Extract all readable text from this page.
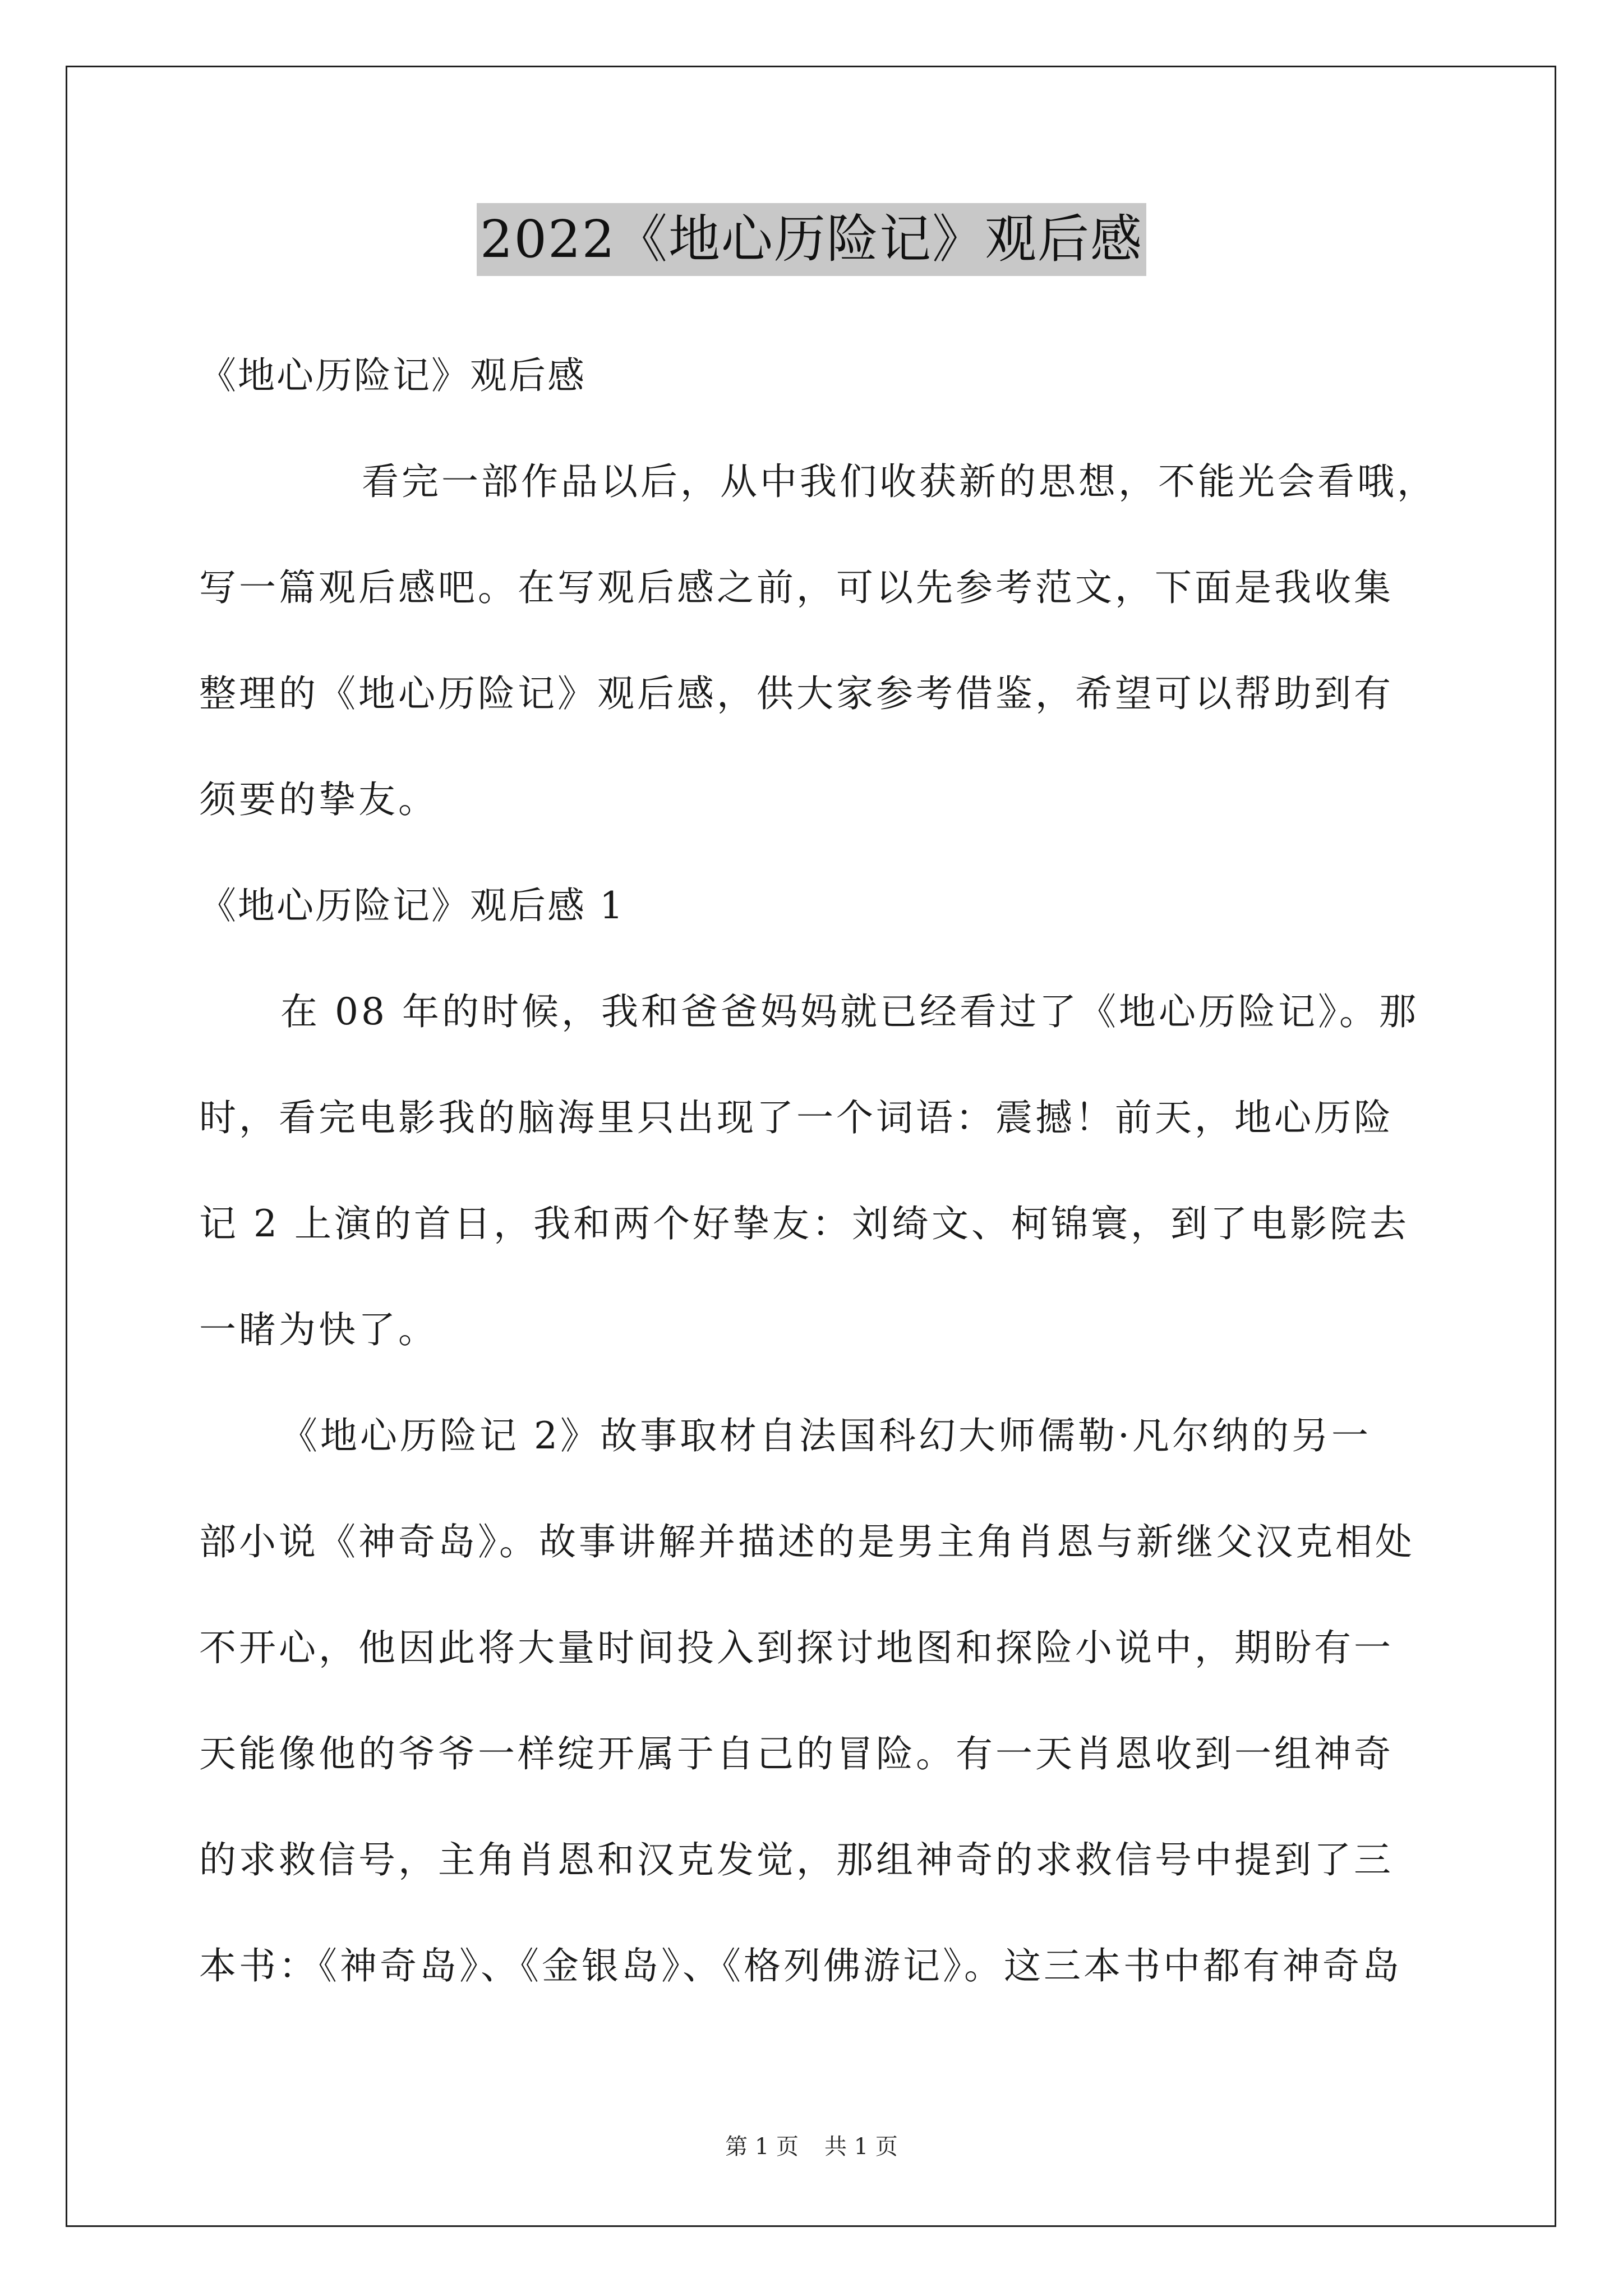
2022《地心历险记》观后感
《地心历险记》观后感
看完一部作品以后，从中我们收获新的思想，不能光会看哦，
写一篇观后感吧。在写观后感之前，可以先参考范文，下面是我收集
整理的《地心历险记》观后感，供大家参考借鉴，希望可以帮助到有
须要的挚友。
《地心历险记》观后感 1
在 08 年的时候，我和爸爸妈妈就已经看过了《地心历险记》。那
时，看完电影我的脑海里只出现了一个词语：震撼！前天，地心历险
记 2 上演的首日，我和两个好挚友：刘绮文、柯锦寰，到了电影院去
一睹为快了。
《地心历险记 2》故事取材自法国科幻大师儒勒·凡尔纳的另一
部小说《神奇岛》。故事讲解并描述的是男主角肖恩与新继父汉克相处
不开心，他因此将大量时间投入到探讨地图和探险小说中，期盼有一
天能像他的爷爷一样绽开属于自己的冒险。有一天肖恩收到一组神奇
的求救信号，主角肖恩和汉克发觉，那组神奇的求救信号中提到了三
本书：《神奇岛》、《金银岛》、《格列佛游记》。这三本书中都有神奇岛
第 1 页 共 1 页
